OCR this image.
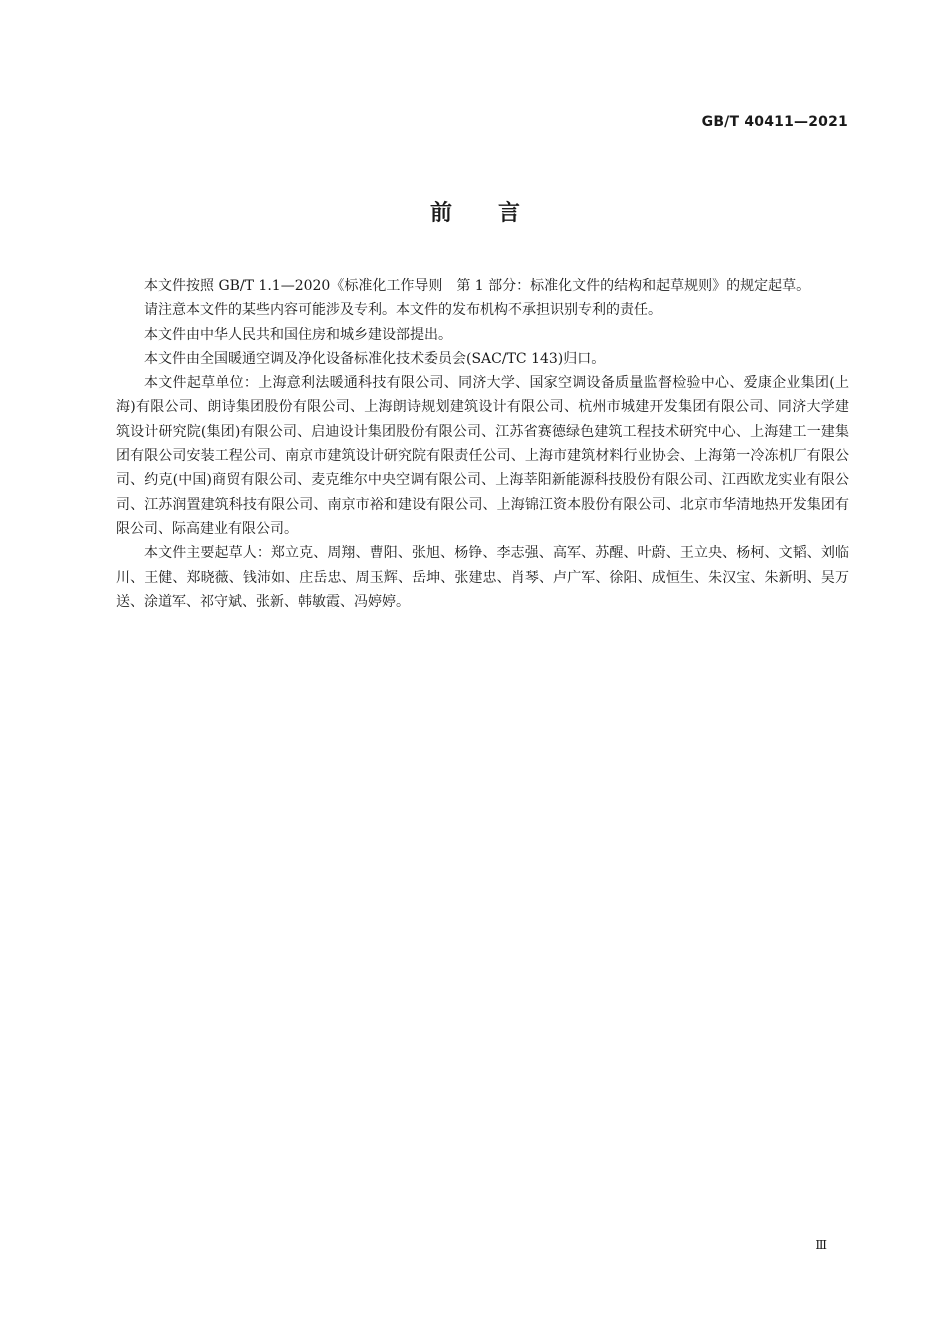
GB/T 40411—2021
前言

本文件按照 GB/T 1.1—2020《标准化工作导则　第 1 部分：标准化文件的结构和起草规则》的规定起草。

请注意本文件的某些内容可能涉及专利。本文件的发布机构不承担识别专利的责任。

本文件由中华人民共和国住房和城乡建设部提出。

本文件由全国暖通空调及净化设备标准化技术委员会(SAC/TC 143)归口。

本文件起草单位：上海意利法暖通科技有限公司、同济大学、国家空调设备质量监督检验中心、爱康企业集团(上海)有限公司、朗诗集团股份有限公司、上海朗诗规划建筑设计有限公司、杭州市城建开发集团有限公司、同济大学建筑设计研究院(集团)有限公司、启迪设计集团股份有限公司、江苏省赛德绿色建筑工程技术研究中心、上海建工一建集团有限公司安装工程公司、南京市建筑设计研究院有限责任公司、上海市建筑材料行业协会、上海第一冷冻机厂有限公司、约克(中国)商贸有限公司、麦克维尔中央空调有限公司、上海莘阳新能源科技股份有限公司、江西欧龙实业有限公司、江苏润置建筑科技有限公司、南京市裕和建设有限公司、上海锦江资本股份有限公司、北京市华清地热开发集团有限公司、际高建业有限公司。

本文件主要起草人：郑立克、周翔、曹阳、张旭、杨铮、李志强、高军、苏醒、叶蔚、王立央、杨柯、文韬、刘临川、王健、郑晓薇、钱沛如、庄岳忠、周玉辉、岳坤、张建忠、肖琴、卢广军、徐阳、成恒生、朱汉宝、朱新明、吴万送、涂道军、祁守斌、张新、韩敏霞、冯婷婷。

Ⅲ
